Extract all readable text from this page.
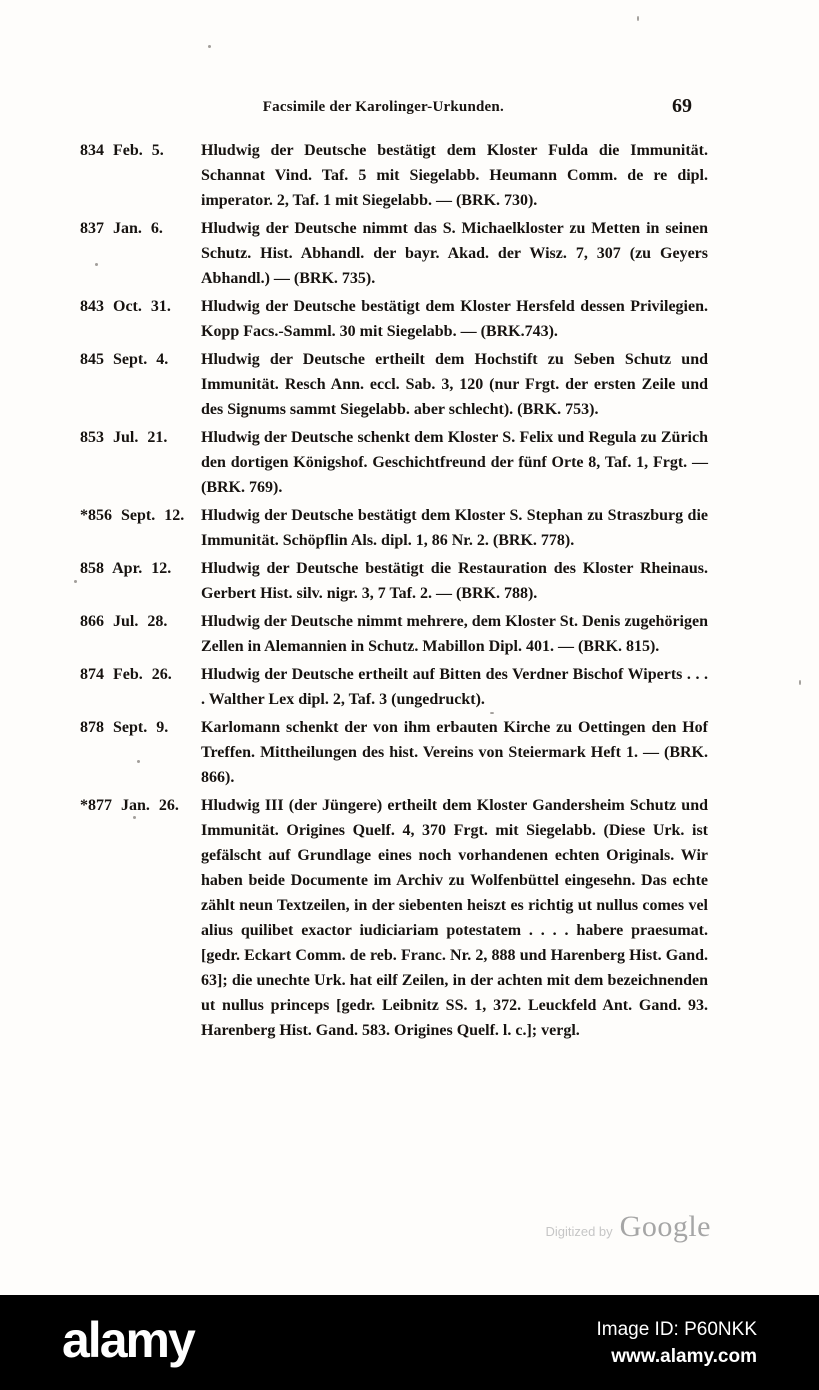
Facsimile der Karolinger-Urkunden.	69
834 Feb. 5.	Hludwig der Deutsche bestätigt dem Kloster Fulda die Immunität. Schannat Vind. Taf. 5 mit Siegelabb. Heumann Comm. de re dipl. imperator. 2, Taf. 1 mit Siegelabb. — (BRK. 730).
837 Jan. 6.	Hludwig der Deutsche nimmt das S. Michaelkloster zu Metten in seinen Schutz. Hist. Abhandl. der bayr. Akad. der Wisz. 7, 307 (zu Geyers Abhandl.) — (BRK. 735).
843 Oct. 31.	Hludwig der Deutsche bestätigt dem Kloster Hersfeld dessen Privilegien. Kopp Facs.-Samml. 30 mit Siegelabb. — (BRK.743).
845 Sept. 4.	Hludwig der Deutsche ertheilt dem Hochstift zu Seben Schutz und Immunität. Resch Ann. eccl. Sab. 3, 120 (nur Frgt. der ersten Zeile und des Signums sammt Siegelabb. aber schlecht). (BRK. 753).
853 Jul. 21.	Hludwig der Deutsche schenkt dem Kloster S. Felix und Regula zu Zürich den dortigen Königshof. Geschichtfreund der fünf Orte 8, Taf. 1, Frgt. — (BRK. 769).
*856 Sept. 12.	Hludwig der Deutsche bestätigt dem Kloster S. Stephan zu Straszburg die Immunität. Schöpflin Als. dipl. 1, 86 Nr. 2. (BRK. 778).
858 Apr. 12.	Hludwig der Deutsche bestätigt die Restauration des Kloster Rheinaus. Gerbert Hist. silv. nigr. 3, 7 Taf. 2. — (BRK. 788).
866 Jul. 28.	Hludwig der Deutsche nimmt mehrere, dem Kloster St. Denis zugehörigen Zellen in Alemannien in Schutz. Mabillon Dipl. 401. — (BRK. 815).
874 Feb. 26.	Hludwig der Deutsche ertheilt auf Bitten des Verdner Bischof Wiperts . . . . Walther Lex dipl. 2, Taf. 3 (ungedruckt).
878 Sept. 9.	Karlomann schenkt der von ihm erbauten Kirche zu Oettingen den Hof Treffen. Mittheilungen des hist. Vereins von Steiermark Heft 1. — (BRK. 866).
*877 Jan. 26.	Hludwig III (der Jüngere) ertheilt dem Kloster Gandersheim Schutz und Immunität. Origines Quelf. 4, 370 Frgt. mit Siegelabb. (Diese Urk. ist gefälscht auf Grundlage eines noch vorhandenen echten Originals. Wir haben beide Documente im Archiv zu Wolfenbüttel eingesehn. Das echte zählt neun Textzeilen, in der siebenten heiszt es richtig ut nullus comes vel alius quilibet exactor iudiciariam potestatem . . . . habere praesumat. [gedr. Eckart Comm. de reb. Franc. Nr. 2, 888 und Harenberg Hist. Gand. 63]; die unechte Urk. hat eilf Zeilen, in der achten mit dem bezeichnenden ut nullus princeps [gedr. Leibnitz SS. 1, 372. Leuckfeld Ant. Gand. 93. Harenberg Hist. Gand. 583. Origines Quelf. l. c.]; vergl.
Digitized by Google
alamy	Image ID: P60NKK
www.alamy.com
